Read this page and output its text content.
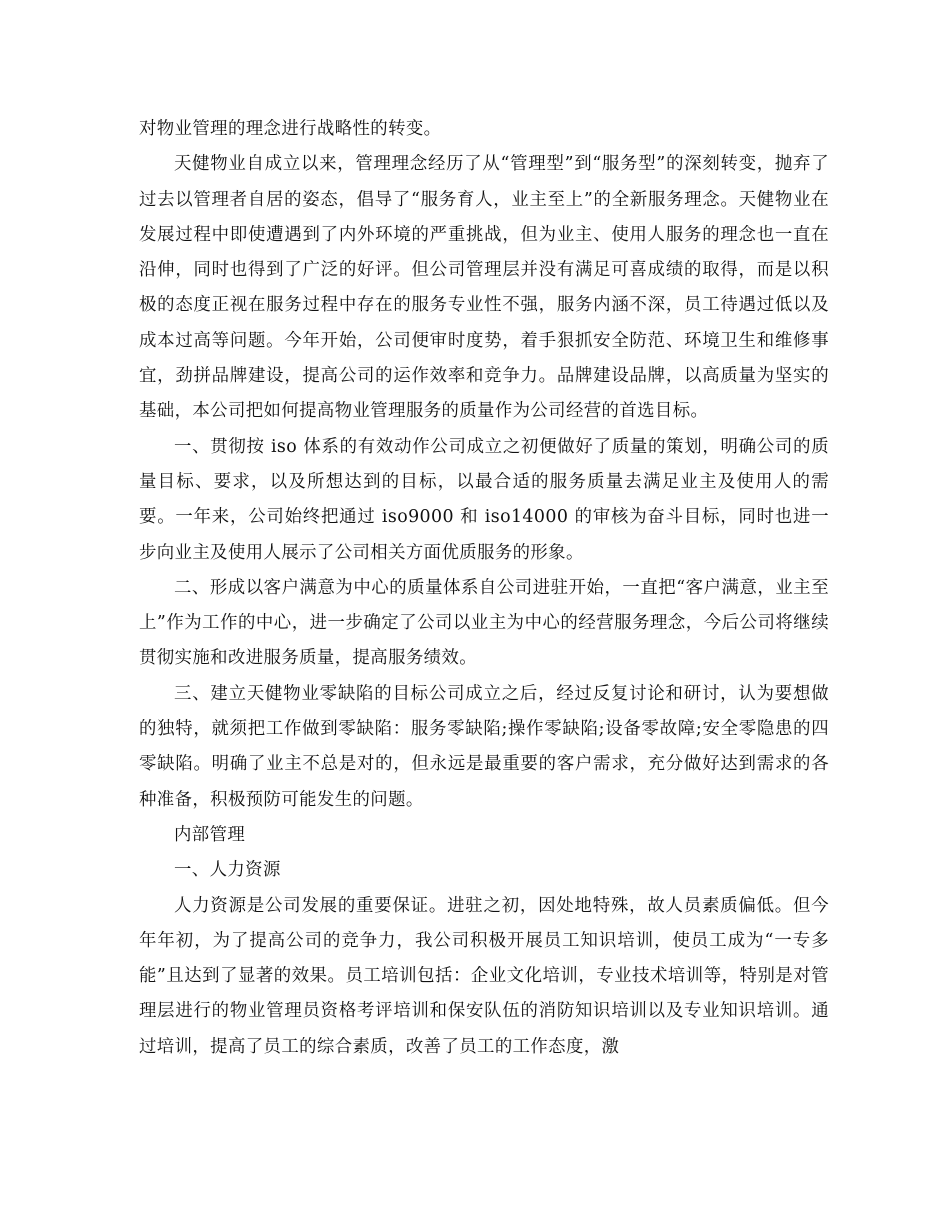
对物业管理的理念进行战略性的转变。

天健物业自成立以来，管理理念经历了从“管理型”到“服务型”的深刻转变，抛弃了过去以管理者自居的姿态，倡导了“服务育人，业主至上”的全新服务理念。天健物业在发展过程中即使遭遇到了内外环境的严重挑战，但为业主、使用人服务的理念也一直在沿伸，同时也得到了广泛的好评。但公司管理层并没有满足可喜成绩的取得，而是以积极的态度正视在服务过程中存在的服务专业性不强，服务内涵不深，员工待遇过低以及成本过高等问题。今年开始，公司便审时度势，着手狠抓安全防范、环境卫生和维修事宜，劲拼品牌建设，提高公司的运作效率和竞争力。品牌建设品牌，以高质量为坚实的基础，本公司把如何提高物业管理服务的质量作为公司经营的首选目标。

一、贯彻按 iso 体系的有效动作公司成立之初便做好了质量的策划，明确公司的质量目标、要求，以及所想达到的目标，以最合适的服务质量去满足业主及使用人的需要。一年来，公司始终把通过 iso9000 和 iso14000 的审核为奋斗目标，同时也进一步向业主及使用人展示了公司相关方面优质服务的形象。

二、形成以客户满意为中心的质量体系自公司进驻开始，一直把“客户满意，业主至上”作为工作的中心，进一步确定了公司以业主为中心的经营服务理念，今后公司将继续贯彻实施和改进服务质量，提高服务绩效。

三、建立天健物业零缺陷的目标公司成立之后，经过反复讨论和研讨，认为要想做的独特，就须把工作做到零缺陷：服务零缺陷;操作零缺陷;设备零故障;安全零隐患的四零缺陷。明确了业主不总是对的，但永远是最重要的客户需求，充分做好达到需求的各种准备，积极预防可能发生的问题。

内部管理

一、人力资源

人力资源是公司发展的重要保证。进驻之初，因处地特殊，故人员素质偏低。但今年年初，为了提高公司的竞争力，我公司积极开展员工知识培训，使员工成为“一专多能”且达到了显著的效果。员工培训包括：企业文化培训，专业技术培训等，特别是对管理层进行的物业管理员资格考评培训和保安队伍的消防知识培训以及专业知识培训。通过培训，提高了员工的综合素质，改善了员工的工作态度，激
